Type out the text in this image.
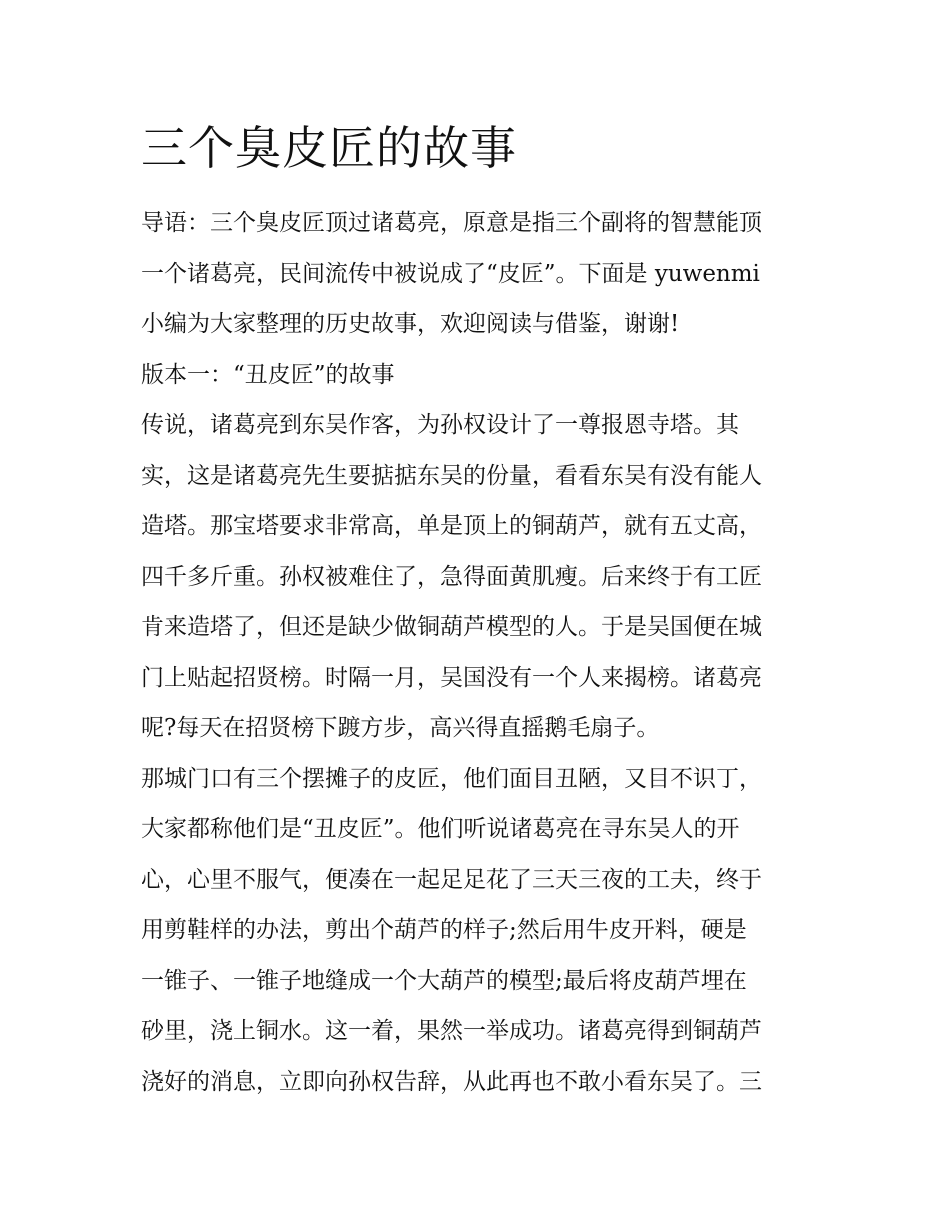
三个臭皮匠的故事
导语：三个臭皮匠顶过诸葛亮，原意是指三个副将的智慧能顶
一个诸葛亮，民间流传中被说成了“皮匠”。下面是 yuwenmi
小编为大家整理的历史故事，欢迎阅读与借鉴，谢谢!
版本一：“丑皮匠”的故事
传说，诸葛亮到东吴作客，为孙权设计了一尊报恩寺塔。其
实，这是诸葛亮先生要掂掂东吴的份量，看看东吴有没有能人
造塔。那宝塔要求非常高，单是顶上的铜葫芦，就有五丈高，
四千多斤重。孙权被难住了，急得面黄肌瘦。后来终于有工匠
肯来造塔了，但还是缺少做铜葫芦模型的人。于是吴国便在城
门上贴起招贤榜。时隔一月，吴国没有一个人来揭榜。诸葛亮
呢?每天在招贤榜下踱方步，高兴得直摇鹅毛扇子。
那城门口有三个摆摊子的皮匠，他们面目丑陋，又目不识丁，
大家都称他们是“丑皮匠”。他们听说诸葛亮在寻东吴人的开
心，心里不服气，便凑在一起足足花了三天三夜的工夫，终于
用剪鞋样的办法，剪出个葫芦的样子;然后用牛皮开料，硬是
一锥子、一锥子地缝成一个大葫芦的模型;最后将皮葫芦埋在
砂里，浇上铜水。这一着，果然一举成功。诸葛亮得到铜葫芦
浇好的消息，立即向孙权告辞，从此再也不敢小看东吴了。三
